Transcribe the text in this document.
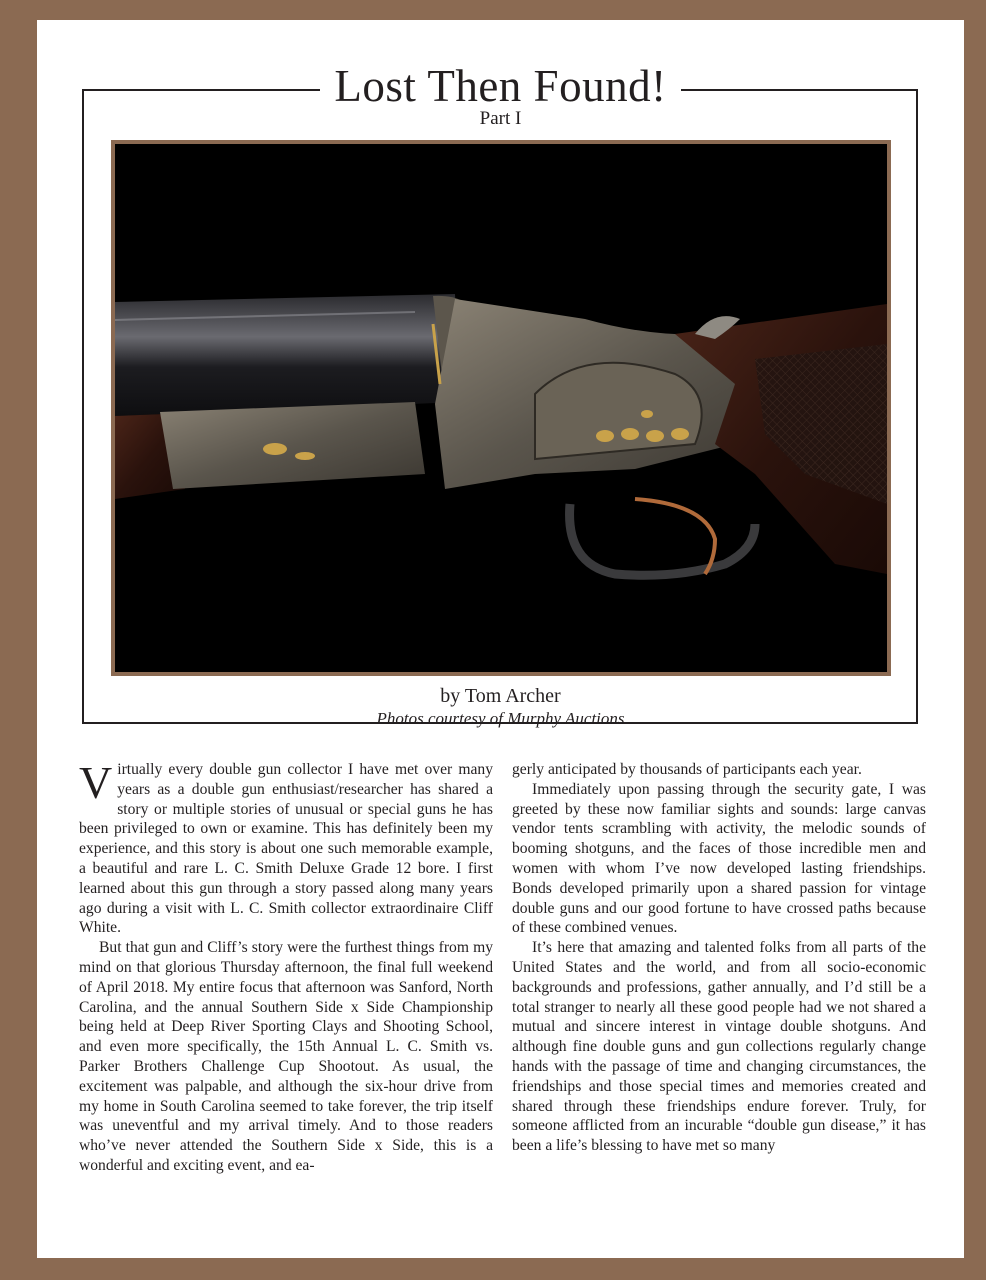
Lost Then Found!
Part I
by Tom Archer
Photos courtesy of Murphy Auctions

Virtually every double gun collector I have met over many years as a double gun enthusiast/researcher has shared a story or multiple stories of unusual or special guns he has been privileged to own or examine. This has definitely been my experience, and this story is about one such memorable example, a beautiful and rare L. C. Smith Deluxe Grade 12 bore. I first learned about this gun through a story passed along many years ago during a visit with L. C. Smith collector extraordinaire Cliff White.

But that gun and Cliff’s story were the furthest things from my mind on that glorious Thursday afternoon, the final full weekend of April 2018. My entire focus that afternoon was Sanford, North Carolina, and the annual Southern Side x Side Championship being held at Deep River Sporting Clays and Shooting School, and even more specifically, the 15th Annual L. C. Smith vs. Parker Brothers Challenge Cup Shootout. As usual, the excitement was palpable, and although the six-hour drive from my home in South Carolina seemed to take forever, the trip itself was uneventful and my arrival timely. And to those readers who’ve never attended the Southern Side x Side, this is a wonderful and exciting event, and ea-

gerly anticipated by thousands of participants each year.

Immediately upon passing through the security gate, I was greeted by these now familiar sights and sounds: large canvas vendor tents scrambling with activity, the melodic sounds of booming shotguns, and the faces of those incredible men and women with whom I’ve now developed lasting friendships. Bonds developed primarily upon a shared passion for vintage double guns and our good fortune to have crossed paths because of these combined venues.

It’s here that amazing and talented folks from all parts of the United States and the world, and from all socio-economic backgrounds and professions, gather annually, and I’d still be a total stranger to nearly all these good people had we not shared a mutual and sincere interest in vintage double shotguns. And although fine double guns and gun collections regularly change hands with the passage of time and changing circumstances, the friendships and those special times and memories created and shared through these friendships endure forever. Truly, for someone afflicted from an incurable “double gun disease,” it has been a life’s blessing to have met so many
